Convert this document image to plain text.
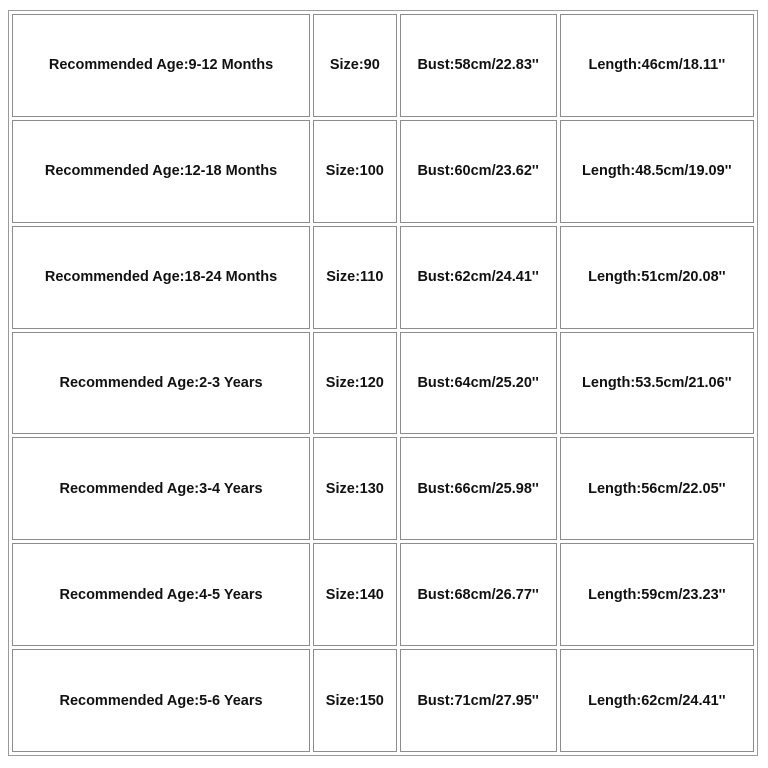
Recommended Age:9-12 Months	Size:90	Bust:58cm/22.83''	Length:46cm/18.11''
Recommended Age:12-18 Months	Size:100	Bust:60cm/23.62''	Length:48.5cm/19.09''
Recommended Age:18-24 Months	Size:110	Bust:62cm/24.41''	Length:51cm/20.08''
Recommended Age:2-3 Years	Size:120	Bust:64cm/25.20''	Length:53.5cm/21.06''
Recommended Age:3-4 Years	Size:130	Bust:66cm/25.98''	Length:56cm/22.05''
Recommended Age:4-5 Years	Size:140	Bust:68cm/26.77''	Length:59cm/23.23''
Recommended Age:5-6 Years	Size:150	Bust:71cm/27.95''	Length:62cm/24.41''
